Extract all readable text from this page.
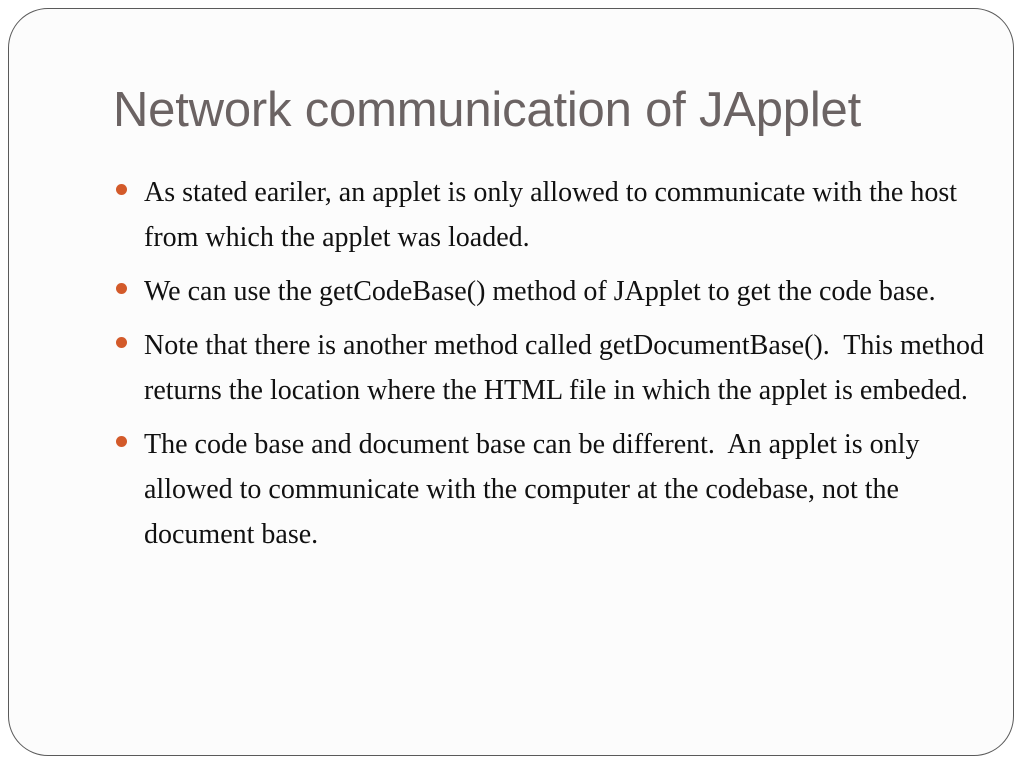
Network communication of JApplet
As stated eariler, an applet is only allowed to communicate with the host from which the applet was loaded.
We can use the getCodeBase() method of JApplet to get the code base.
Note that there is another method called getDocumentBase().  This method returns the location where the HTML file in which the applet is embeded.
The code base and document base can be different.  An applet is only allowed to communicate with the computer at the codebase, not the document base.
